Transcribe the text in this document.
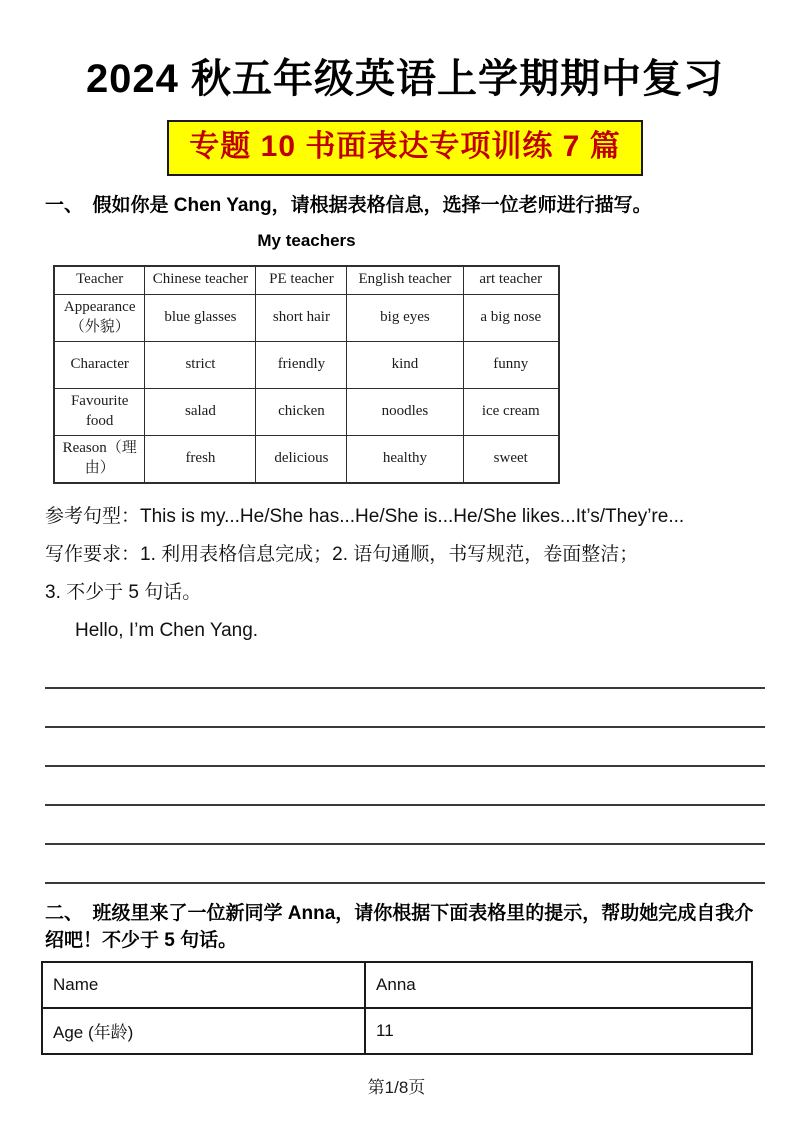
2024 秋五年级英语上学期期中复习
专题 10 书面表达专项训练 7 篇

一、　假如你是 Chen Yang，请根据表格信息，选择一位老师进行描写。

My teachers

Teacher	Chinese teacher	PE teacher	English teacher	art teacher
Appearance（外貌）	blue glasses	short hair	big eyes	a big nose
Character	strict	friendly	kind	funny
Favourite food	salad	chicken	noodles	ice cream
Reason（理由）	fresh	delicious	healthy	sweet

参考句型：This is my...He/She has...He/She is...He/She likes...It’s/They’re...

写作要求：1. 利用表格信息完成；2. 语句通顺，书写规范，卷面整洁；

3. 不少于 5 句话。

Hello, I’m Chen Yang.

二、　班级里来了一位新同学 Anna，请你根据下面表格里的提示，帮助她完成自我介绍吧！不少于 5 句话。

Name	Anna
Age (年龄)	11
第1/8页
